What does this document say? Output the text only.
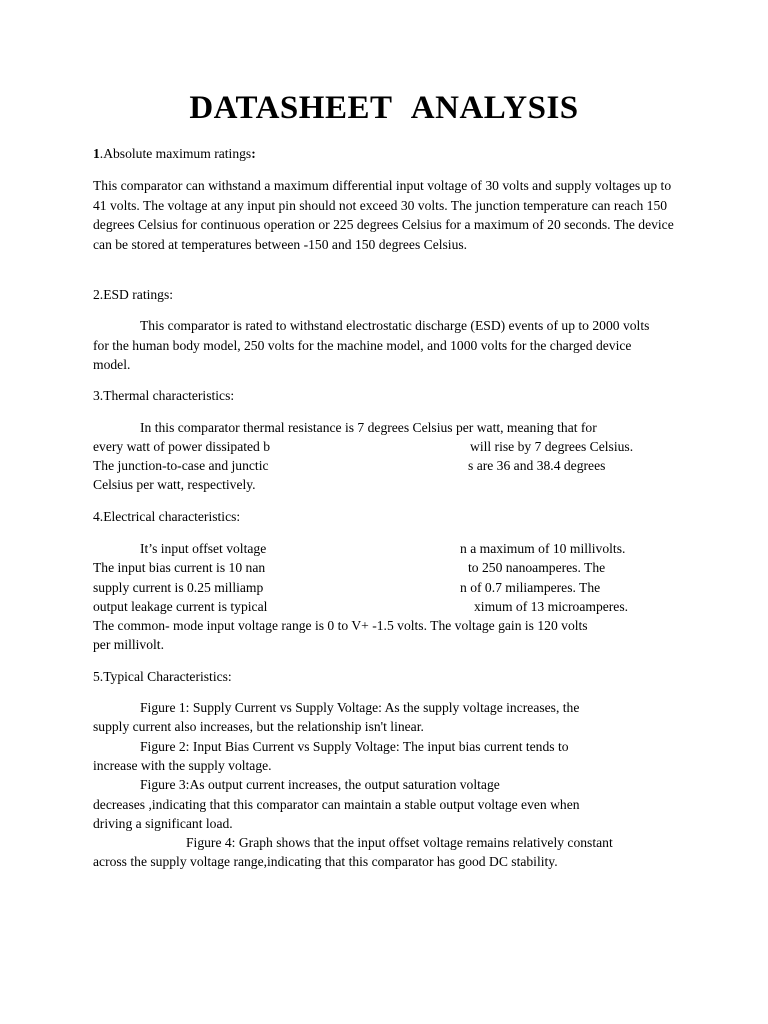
DATASHEET ANALYSIS
1.Absolute maximum ratings:

This comparator can withstand a maximum differential input voltage of 30 volts and supply voltages up to 41 volts. The voltage at any input pin should not exceed 30 volts. The junction temperature can reach 150 degrees Celsius for continuous operation or 225 degrees Celsius for a maximum of 20 seconds. The device can be stored at temperatures between -150 and 150 degrees Celsius.

2.ESD ratings:

This comparator is rated to withstand electrostatic discharge (ESD) events of up to 2000 volts for the human body model, 250 volts for the machine model, and 1000 volts for the charged device model.

3.Thermal characteristics:
In this comparator thermal resistance is 7 degrees Celsius per watt, meaning that for
every watt of power dissipated b	will rise by 7 degrees Celsius.
The junction-to-case and junctic	s are 36 and 38.4 degrees
Celsius per watt, respectively.
4.Electrical characteristics:
It’s input offset voltage	n a maximum of 10 millivolts.
The input bias current is 10 nan	to 250 nanoamperes. The
supply current is 0.25 milliamp	n of 0.7 miliamperes. The
output leakage current is typical	ximum of 13 microamperes.
The common- mode input voltage range is 0 to V+ -1.5 volts. The voltage gain is 120 volts
per millivolt.
5.Typical Characteristics:
Figure 1: Supply Current vs Supply Voltage: As the supply voltage increases, the
supply current also increases, but the relationship isn't linear.
Figure 2: Input Bias Current vs Supply Voltage: The input bias current tends to
increase with the supply voltage.
Figure 3:As output current increases, the output saturation voltage
decreases ,indicating that this comparator can maintain a stable output voltage even when
driving a significant load.
Figure 4: Graph shows that the input offset voltage remains relatively constant
across the supply voltage range,indicating that this comparator has good DC stability.
